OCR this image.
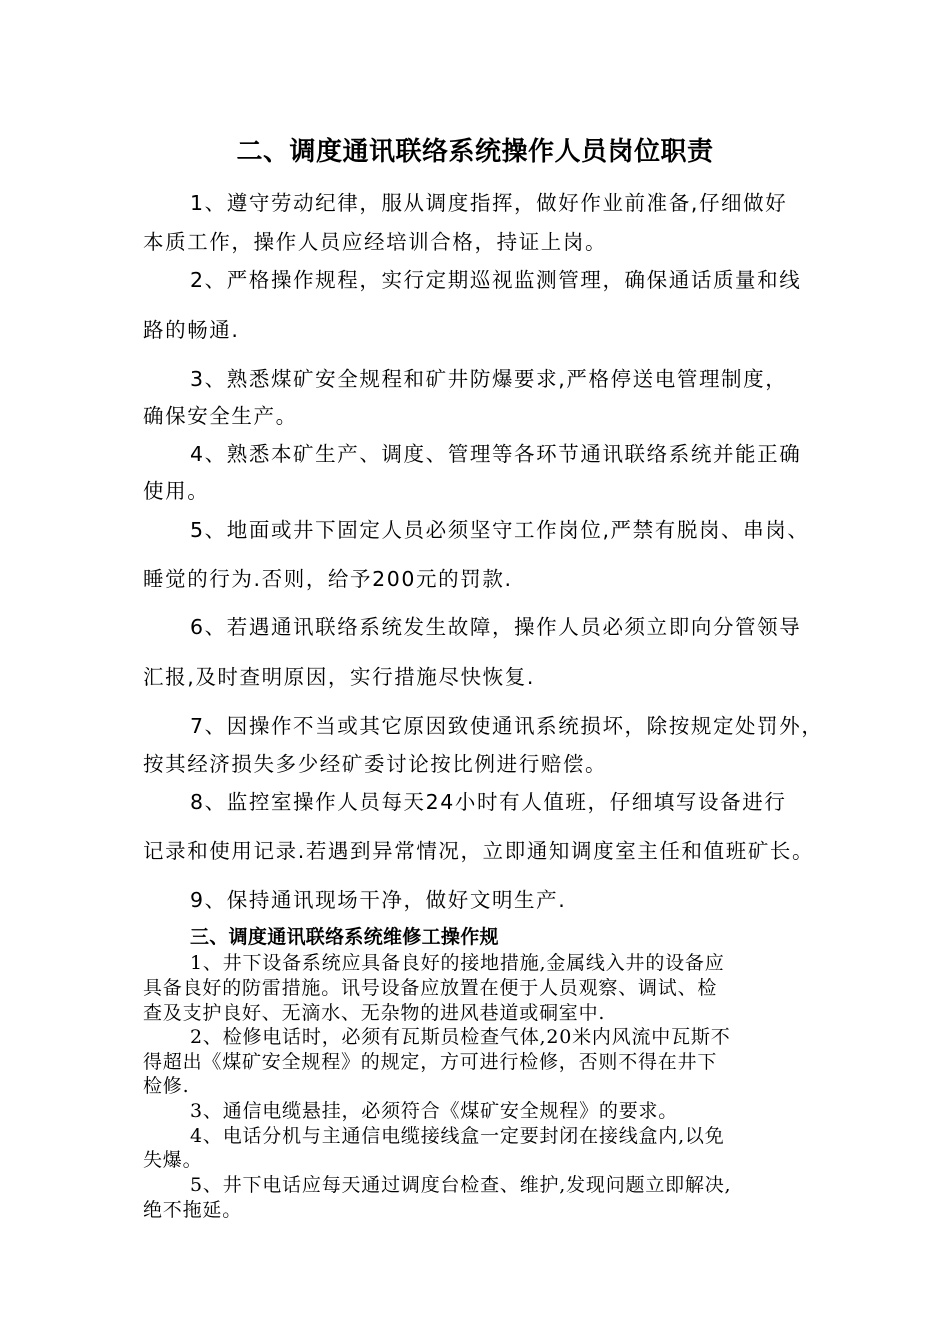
二、调度通讯联络系统操作人员岗位职责
1、遵守劳动纪律，服从调度指挥，做好作业前准备,仔细做好
本质工作，操作人员应经培训合格，持证上岗。
2、严格操作规程，实行定期巡视监测管理，确保通话质量和线
路的畅通.
3、熟悉煤矿安全规程和矿井防爆要求,严格停送电管理制度，
确保安全生产。
4、熟悉本矿生产、调度、管理等各环节通讯联络系统并能正确
使用。
5、地面或井下固定人员必须坚守工作岗位,严禁有脱岗、串岗、
睡觉的行为.否则，给予200元的罚款.
6、若遇通讯联络系统发生故障，操作人员必须立即向分管领导
汇报,及时查明原因，实行措施尽快恢复.
7、因操作不当或其它原因致使通讯系统损坏，除按规定处罚外，
按其经济损失多少经矿委讨论按比例进行赔偿。
8、监控室操作人员每天24小时有人值班，仔细填写设备进行
记录和使用记录.若遇到异常情况，立即通知调度室主任和值班矿长。
9、保持通讯现场干净，做好文明生产.
三、调度通讯联络系统维修工操作规
1、井下设备系统应具备良好的接地措施,金属线入井的设备应
具备良好的防雷措施。讯号设备应放置在便于人员观察、调试、检
查及支护良好、无滴水、无杂物的进风巷道或硐室中.
2、检修电话时，必须有瓦斯员检查气体,20米内风流中瓦斯不
得超出《煤矿安全规程》的规定，方可进行检修，否则不得在井下
检修.
3、通信电缆悬挂，必须符合《煤矿安全规程》的要求。
4、电话分机与主通信电缆接线盒一定要封闭在接线盒内,以免
失爆。
5、井下电话应每天通过调度台检查、维护,发现问题立即解决,
绝不拖延。
